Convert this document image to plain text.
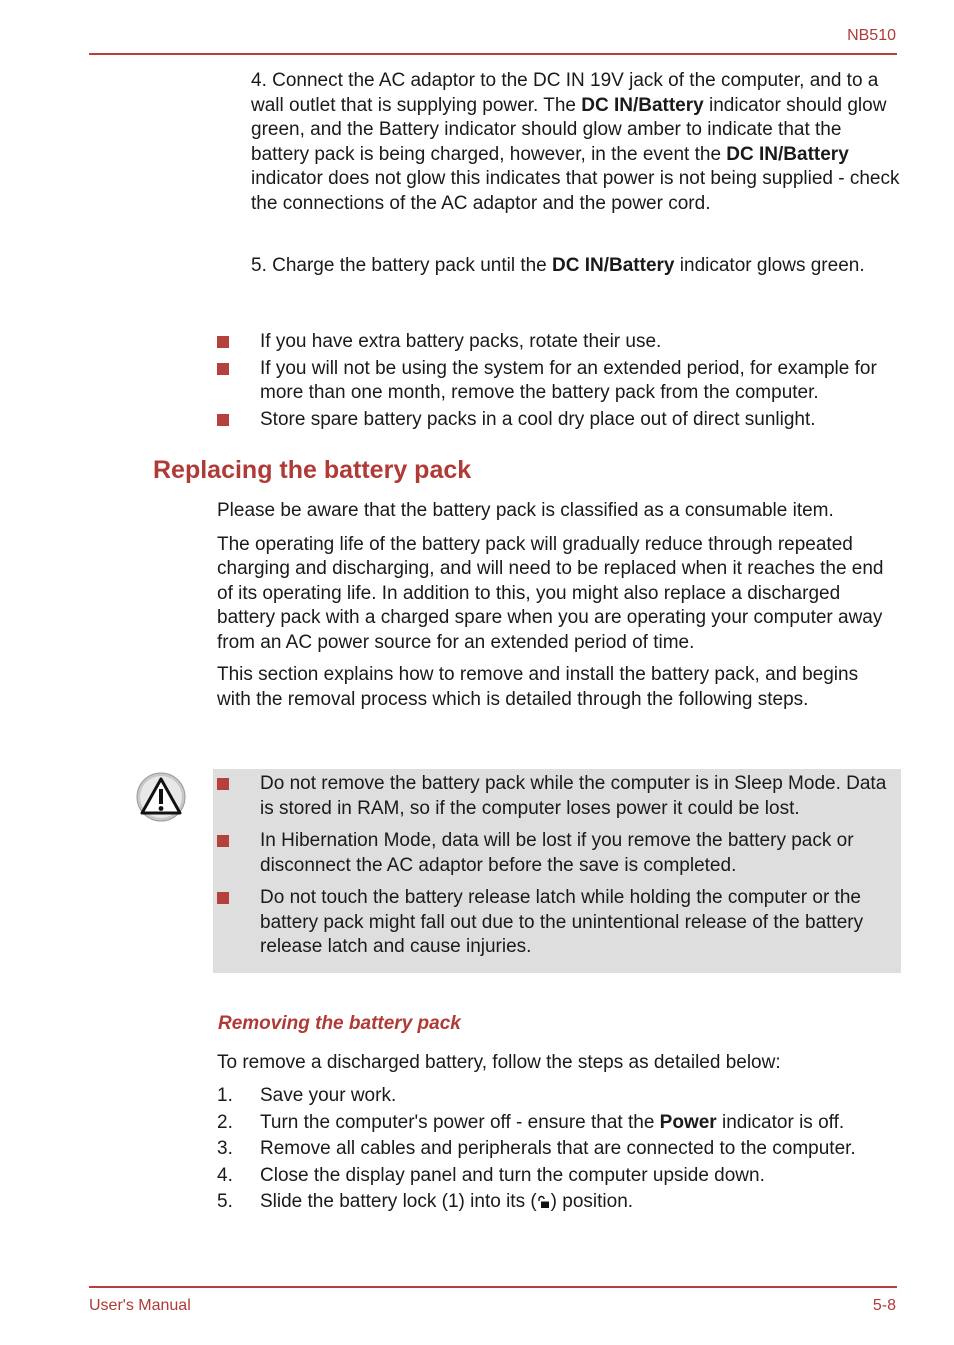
NB510

4. Connect the AC adaptor to the DC IN 19V jack of the computer, and to a wall outlet that is supplying power. The DC IN/Battery indicator should glow green, and the Battery indicator should glow amber to indicate that the battery pack is being charged, however, in the event the DC IN/Battery indicator does not glow this indicates that power is not being supplied - check the connections of the AC adaptor and the power cord.

5. Charge the battery pack until the DC IN/Battery indicator glows green.

If you have extra battery packs, rotate their use.
If you will not be using the system for an extended period, for example for more than one month, remove the battery pack from the computer.
Store spare battery packs in a cool dry place out of direct sunlight.
Replacing the battery pack

Please be aware that the battery pack is classified as a consumable item.

The operating life of the battery pack will gradually reduce through repeated charging and discharging, and will need to be replaced when it reaches the end of its operating life. In addition to this, you might also replace a discharged battery pack with a charged spare when you are operating your computer away from an AC power source for an extended period of time.

This section explains how to remove and install the battery pack, and begins with the removal process which is detailed through the following steps.

Do not remove the battery pack while the computer is in Sleep Mode. Data is stored in RAM, so if the computer loses power it could be lost.
In Hibernation Mode, data will be lost if you remove the battery pack or disconnect the AC adaptor before the save is completed.
Do not touch the battery release latch while holding the computer or the battery pack might fall out due to the unintentional release of the battery release latch and cause injuries.
Removing the battery pack
To remove a discharged battery, follow the steps as detailed below:
1. Save your work.
2. Turn the computer's power off - ensure that the Power indicator is off.
3. Remove all cables and peripherals that are connected to the computer.
4. Close the display panel and turn the computer upside down.
5. Slide the battery lock (1) into its ( ) position.
User's Manual	5-8
